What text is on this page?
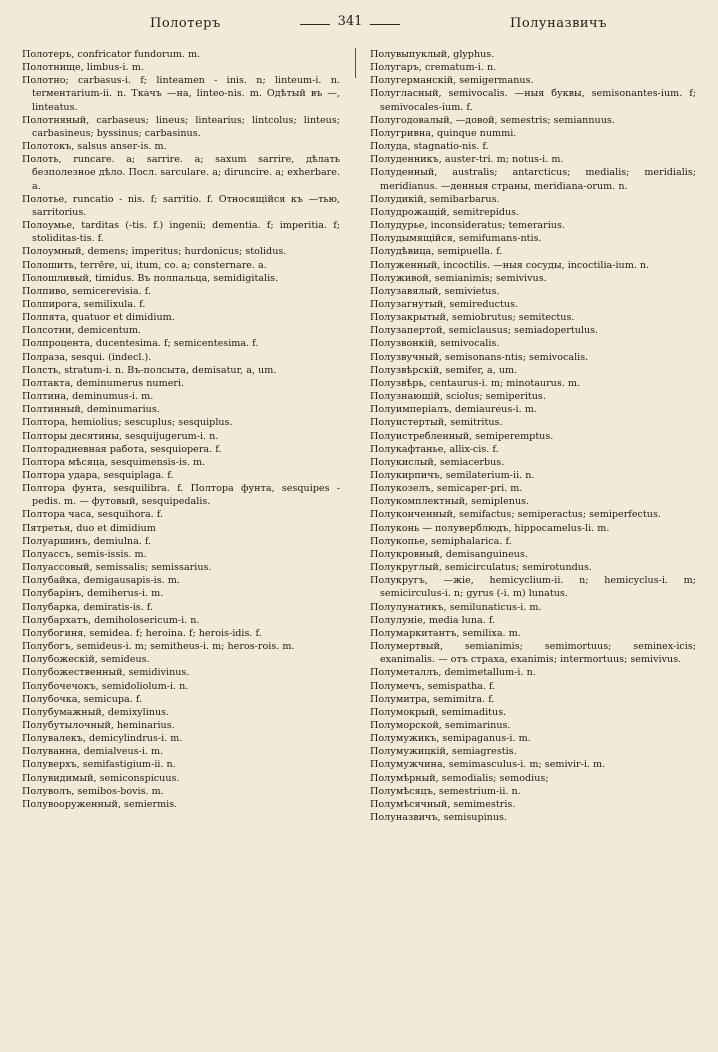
Полотеръ	341	Полуназвичъ

Полотеръ, confricator fundorum. m.

Полотнище, limbus-i. m.

Полотно; carbasus-i. f; linteamen - inis. n; linteum-i. n. terментarium-ii. n. Ткачъ —на, linteo-nis. m. Одѣтый въ —, linteatus.

Полотняный, carbaseus; lineus; lintearius; lintcolus; linteus; carbasineus; byssinus; carbasinus.

Полотокъ, salsus anser-is. m.

Полоть, runcare. a; sarrire. a; saxum sarrire, дѣлать безполезное дѣло. Посл. sarculare. a; diruncire. a; exherbare. a.

Полотье, runcatio - nis. f; sarritio. f. Относящійся къ —тью, sarritorius.

Полоумье, tarditas (-tis. f.) ingenii; dementia. f; imperitia. f; stoliditas-tis. f.

Полоумный, demens; imperitus; hurdonicus; stolidus.

Полошить, terrēre, ui, itum, co. a; consternare. a.

Полошливый, timidus. Въ полпальца, semidigitalis.

Полпиво, semicerevisia. f.

Полпирога, semilixula. f.

Полпята, quatuor et dimidium.

Полсотни, demicentum.

Полпроцента, ducentesima. f; semicentesima. f.

Полраза, sesqui. (indecl.).

Полсть, stratum-i. n. Въ-полсыта, demisatur, a, um.

Полтакта, deminumerus numeri.

Полтина, deminumus-i. m.

Полтинный, deminumarius.

Полтора, hemiolius; sescuplus; sesquiplus.

Полторы десятины, sesquijugerum-i. n.

Полторадневная работа, sesquiopera. f.

Полтора мѣсяца, sesquimensis-is. m.

Полтора удара, sesquiplaga. f.

Полтора фунта, sesquilibra. f. Полтора фунта, sesquipes - pedis. m. — футовый, sesquipedalis.

Полтора часа, sesquihora. f.

Пятретья, duo et dimidium

Полуаршинъ, demiulna. f.

Полуассъ, semis-issis. m.

Полуассовый, semissalis; semissarius.

Полубайка, demigausapis-is. m.

Полубарінъ, demiherus-i. m.

Полубарка, demiratis-is. f.

Полубархатъ, demiholosericum-i. n.

Полубогиня, semidea. f; heroina. f; herois-idis. f.

Полубогъ, semideus-i. m; semitheus-i. m; heros-rois. m.

Полубожескій, semideus.

Полубожественный, semidivinus.

Полубочечокъ, semidoliolum-i. n.

Полубочка, semicupa. f.

Полубумажный, demixylinus.

Полубутылочный, heminarius.

Полувалекъ, demicylindrus-i. m.

Полуванна, demialveus-i. m.

Полуверхъ, semifastigium-ii. n.

Полувидимый, semiconspicuus.

Полуволъ, semibos-bovis. m.

Полувооруженный, semiermis.

Полувыпуклый, glyphus.

Полугаръ, crematum-i. n.

Полугерманскій, semigermanus.

Полугласный, semivocalis. —ныя буквы, semisonantes-ium. f; semivocales-ium. f.

Полугодовалый, —довой, semestris; semiannuus.

Полугривна, quinque nummi.

Полуда, stagnatio-nis. f.

Полуденникъ, auster-tri. m; notus-i. m.

Полуденный, australis; antarcticus; medialis; meridialis; meridianus. —денныя страны, meridiana-orum. n.

Полудикій, semibarbarus.

Полудрожащій, semitrepidus.

Полудурье, inconsideratus; temerarius.

Полудымящійся, semifumans-ntis.

Полудѣвица, semipuella. f.

Полуженный, incoctilis. —ныя сосуды, incoctilia-ium. n.

Полуживой, semianimis; semivivus.

Полузавялый, semivietus.

Полузагнутый, semireductus.

Полузакрытый, semiobrutus; semitectus.

Полузапертой, semiclausus; semiadopertulus.

Полузвонкій, semivocalis.

Полузвучный, semisonans-ntis; semivocalis.

Полузвѣрскій, semifer, a, um.

Полузвѣрь, centaurus-i. m; minotaurus. m.

Полузнающій, sciolus; semiperitus.

Полуимперіалъ, demiaureus-i. m.

Полуистертый, semitritus.

Полуистребленный, semiperemptus.

Полукафтанье, allix-cis. f.

Полукислый, semiacerbus.

Полукирпичъ, semilaterium-ii. n.

Полукозелъ, semicaper-pri. m.

Полукомплектный, semiplenus.

Полуконченный, semifactus; semiperactus; semiperfectus.

Полуконь — полуверблюдъ, hippocamelus-li. m.

Полукопье, semiphalarica. f.

Полукровный, demisanguineus.

Полукруглый, semicirculatus; semirotundus.

Полукругъ, —жіе, hemicyclium-ii. n; hemicyclus-i. m; semicirculus-i. n; gyrus (-i. m) lunatus.

Полулунатикъ, semilunaticus-i. m.

Полулуніе, media luna. f.

Полумаркитантъ, semilixa. m.

Полумертвый, semianimis; semimortuus; seminex-icis; exanimalis. — отъ страха, exanimis; intermortuus; semivivus.

Полуметаллъ, demimetallum-i. n.

Полумечъ, semispatha. f.

Полумитра, semimitra. f.

Полумокрый, semimaditus.

Полуморской, semimarinus.

Полумужикъ, semipaganus-i. m.

Полумужицкій, semiagrestis.

Полумужчина, semimasculus-i. m; semivir-i. m.

Полумѣрный, semodialis; semodius;

Полумѣсяцъ, semestrium-ii. n.

Полумѣсячный, semimestris.

Полуназвичъ, semisupinus.
